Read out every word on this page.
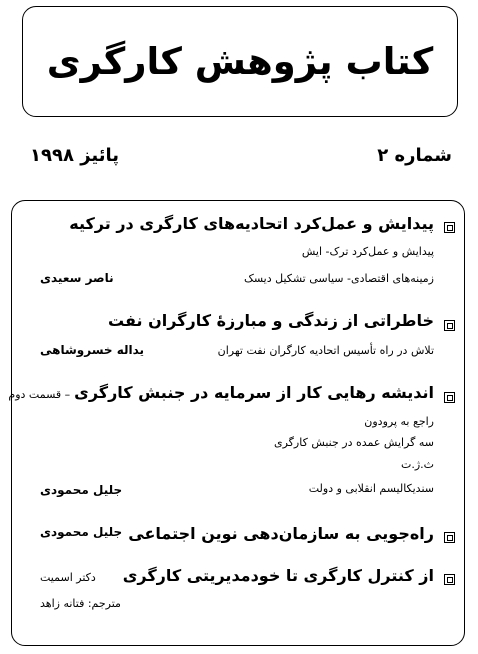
کتاب پژوهش کارگری
شماره ۲
پائیز ۱۹۹۸
پیدایش و عمل‌کرد اتحادیه‌های کارگری در ترکیه
پیدایش و عمل‌کرد ترک- ایش
زمینه‌های اقتصادی- سیاسی تشکیل دیسک
ناصر سعیدی
خاطراتی از زندگی و مبارزهٔ کارگران نفت
تلاش در راه تأسیس اتحادیه کارگران نفت تهران
یداله خسروشاهی
اندیشه رهایی کار از سرمایه در جنبش کارگری– قسمت دوم
راجع به پرودون
سه گرایش عمده در جنبش کارگری
ث.ژ.ت
سندیکالیسم انقلابی و دولت
جلیل محمودی
راه‌جویی به سازمان‌دهی نوین اجتماعی
جلیل محمودی
از کنترل کارگری تا خودمدیریتی کارگری
دکتر اسمیت
مترجم: فتانه زاهد
